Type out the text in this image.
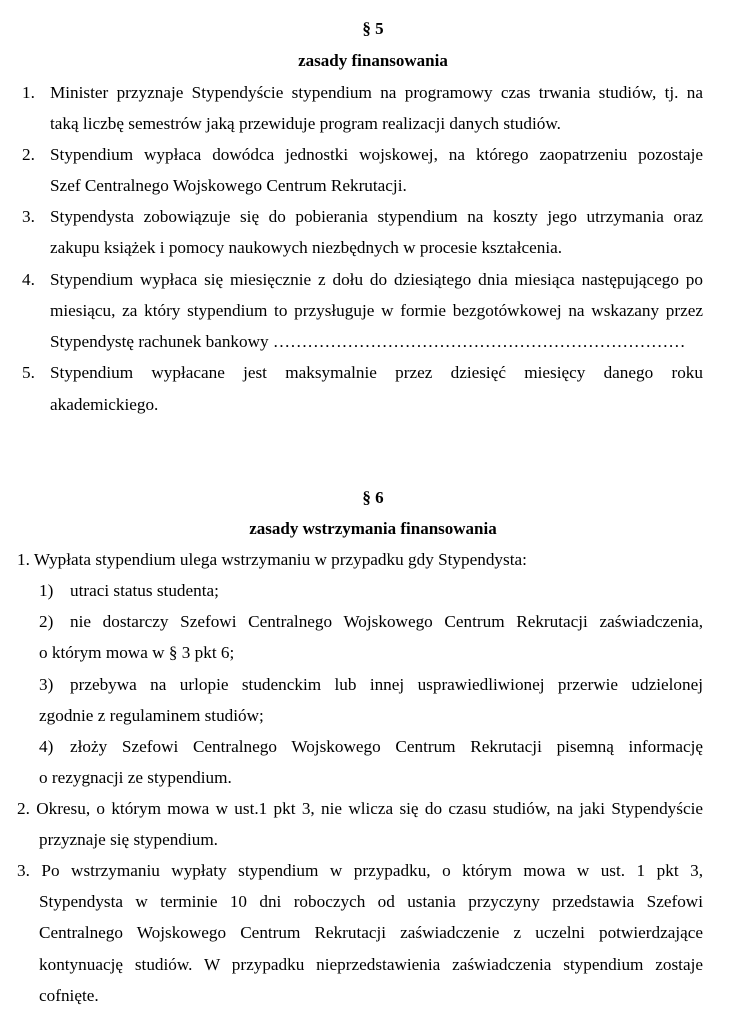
§ 5
zasady finansowania
1. Minister przyznaje Stypendyście stypendium na programowy czas trwania studiów, tj. na
taką liczbę semestrów jaką przewiduje program realizacji danych studiów.
2. Stypendium wypłaca dowódca jednostki wojskowej, na którego zaopatrzeniu pozostaje
Szef Centralnego Wojskowego Centrum Rekrutacji.
3. Stypendysta zobowiązuje się do pobierania stypendium na koszty jego utrzymania oraz
zakupu książek i pomocy naukowych niezbędnych w procesie kształcenia.
4. Stypendium wypłaca się miesięcznie z dołu do dziesiątego dnia miesiąca następującego po
miesiącu, za który stypendium to przysługuje w formie bezgotówkowej na wskazany przez
Stypendystę rachunek bankowy ………………………………………………………………
5. Stypendium wypłacane jest maksymalnie przez dziesięć miesięcy danego roku
akademickiego.
§ 6
zasady wstrzymania finansowania
1. Wypłata stypendium ulega wstrzymaniu w przypadku gdy Stypendysta:
1) utraci status studenta;
2) nie dostarczy Szefowi Centralnego Wojskowego Centrum Rekrutacji zaświadczenia,
o którym mowa w § 3 pkt 6;
3) przebywa na urlopie studenckim lub innej usprawiedliwionej przerwie udzielonej
zgodnie z regulaminem studiów;
4) złoży Szefowi Centralnego Wojskowego Centrum Rekrutacji pisemną informację
o rezygnacji ze stypendium.
2. Okresu, o którym mowa w ust.1 pkt 3, nie wlicza się do czasu studiów, na jaki Stypendyście
przyznaje się stypendium.
3. Po wstrzymaniu wypłaty stypendium w przypadku, o którym mowa w ust. 1 pkt 3,
Stypendysta w terminie 10 dni roboczych od ustania przyczyny przedstawia Szefowi
Centralnego Wojskowego Centrum Rekrutacji zaświadczenie z uczelni potwierdzające
kontynuację studiów. W przypadku nieprzedstawienia zaświadczenia stypendium zostaje
cofnięte.
